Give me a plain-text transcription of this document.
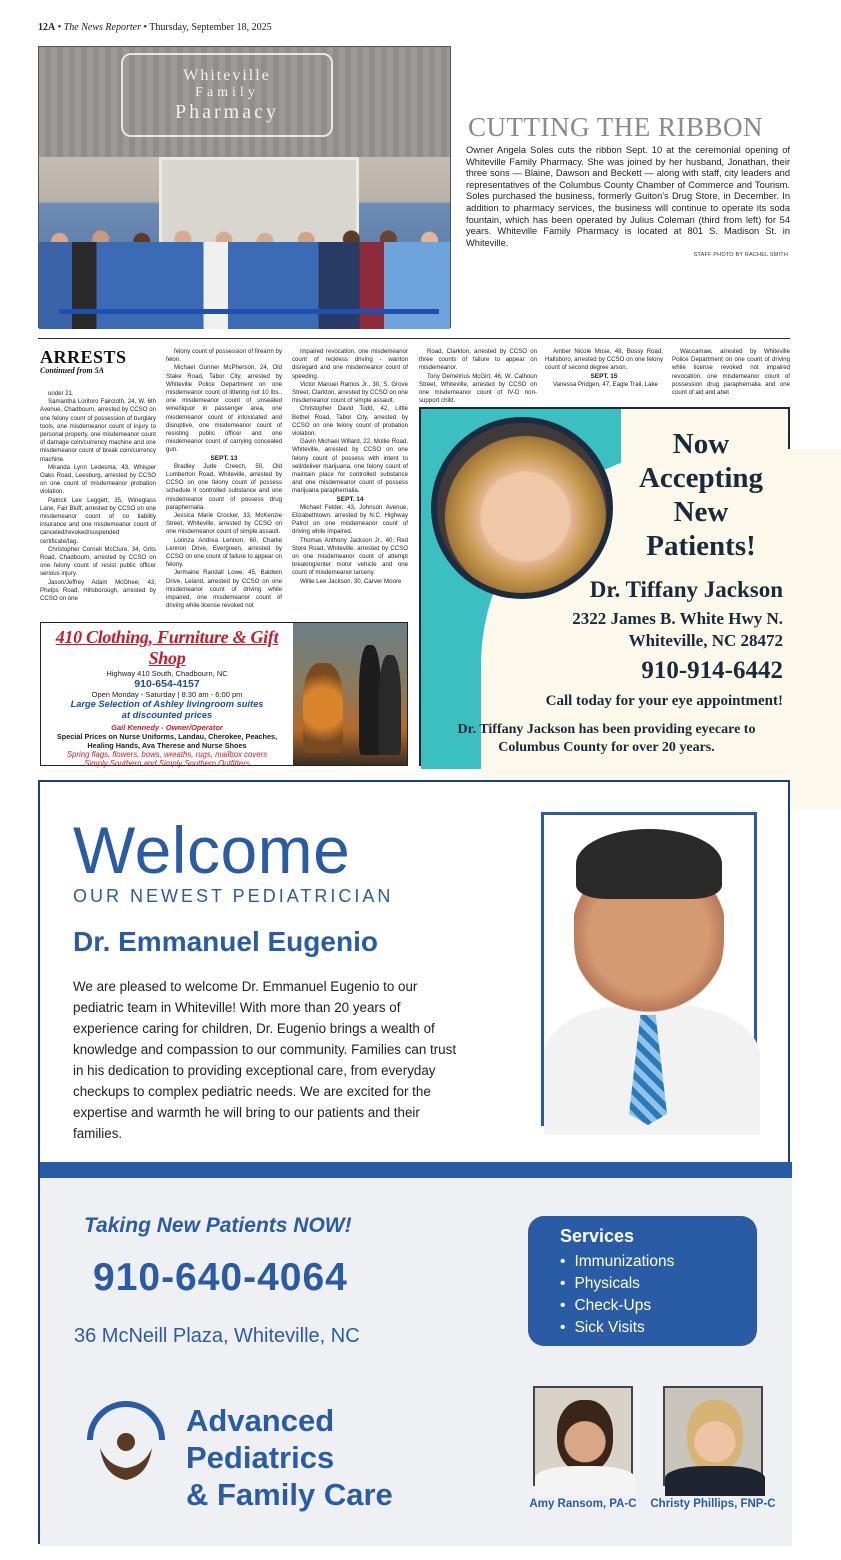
12A • The News Reporter • Thursday, September 18, 2025
Whiteville
Family
Pharmacy	CUTTING THE RIBBON
Owner Angela Soles cuts the ribbon Sept. 10 at the ceremonial opening of Whiteville Family Pharmacy. She was joined by her husband, Jonathan, their three sons — Blaine, Dawson and Beckett — along with staff, city leaders and representatives of the Columbus County Chamber of Commerce and Tourism. Soles purchased the business, formerly Guiton's Drug Store, in December. In addition to pharmacy services, the business will continue to operate its soda fountain, which has been operated by Julius Coleman (third from left) for 54 years. Whiteville Family Pharmacy is located at 801 S. Madison St. in Whiteville.
STAFF PHOTO BY RACHEL SMITH
ARRESTS
Continued from 5A

under 21.

Samantha Loritoro Faircloth, 24, W. 6th Avenue, Chadbourn, arrested by CCSO on one felony count of possession of burglary tools, one misdemeanor count of injury to personal property, one misdemeanor count of damage coin/currency machine and one misdemeanor count of break coin/currency machine.

Miranda Lynn Ledesma, 43, Whisper Oaks Road, Leesburg, arrested by CCSO on one count of misdemeanor probation violation.

Patrick Lee Leggett, 35, Wineglass Lane, Fair Bluff, arrested by CCSO on one misdemeanor count of no liability insurance and one misdemeanor count of canceled/revoked/suspended certificate/tag.

Christopher Cornell McClure, 34, Grits Road, Chadbourn, arrested by CCSO on one felony count of resist public officer serious injury.

Jason/Jeffrey Adam McGhee, 43, Phelps Road, Hillsborough, arrested by CCSO on one

felony count of possession of firearm by felon.

Michael Gunner McPherson, 24, Old Stake Road, Tabor City, arrested by Whiteville Police Department on one misdemeanor count of littering not 10 lbs., one misdemeanor count of unsealed wine/liquor in passenger area, one misdemeanor count of intoxicated and disruptive, one misdemeanor count of resisting public officer and one misdemeanor count of carrying concealed gun.

SEPT. 13

Bradley Jude Creech, 50, Old Lumberton Road, Whiteville, arrested by CCSO on one felony count of possess schedule II controlled substance and one misdemeanor count of possess drug paraphernalia.

Jessica Marie Crocker, 33, McKenzie Street, Whiteville, arrested by CCSO on one misdemeanor count of simple assault.

Lorinza Andrea Lennon, 60, Charlie Lennon Drive, Evergreen, arrested by CCSO on one count of failure to appear on felony.

Jermaine Randall Lowe, 45, Baldwin Drive, Leland, arrested by CCSO on one misdemeanor count of driving while impaired, one misdemeanor count of driving while license revoked not

impaired revocation, one misdemeanor count of reckless driving - wanton disregard and one misdemeanor count of speeding.

Victor Manuel Ramos Jr., 30, S. Grove Street, Clarkton, arrested by CCSO on one misdemeanor count of simple assault.

Christopher David Todd, 42, Little Bethel Road, Tabor City, arrested by CCSO on one felony count of probation violation.

Gavin Michael Willard, 22, Mollie Road, Whiteville, arrested by CCSO on one felony count of possess with intent to sell/deliver marijuana, one felony count of maintain place for controlled substance and one misdemeanor count of possess marijuana paraphernalia.

SEPT. 14

Michael Felder, 43, Johnson Avenue, Elizabethtown, arrested by N.C. Highway Patrol on one misdemeanor count of driving while impaired.

Thomas Anthony Jackson Jr., 40, Red Store Road, Whiteville, arrested by CCSO on one misdemeanor count of attempt breaking/enter motor vehicle and one count of misdemeanor larceny.

Willie Lee Jackson, 30, Carver Moore

Road, Clarkton, arrested by CCSO on three counts of failure to appear on misdemeanor.

Tony Demetrius McGirt, 46, W. Calhoun Street, Whiteville, arrested by CCSO on one misdemeanor count of IV-D non-support child.

Amber Nicole Muse, 48, Bussy Road, Hallsboro, arrested by CCSO on one felony count of second degree arson.

SEPT. 15

Vanessa Pridgen, 47, Eagle Trail, Lake

Waccamaw, arrested by Whiteville Police Department on one count of driving while license revoked not impaired revocation, one misdemeanor count of possession drug paraphernalia and one count of aid and abet

410 Clothing, Furniture & Gift Shop
Highway 410 South, Chadbourn, NC
910-654-4157
Open Monday - Saturday | 8:30 am - 6:00 pm
Large Selection of Ashley livingroom suites
at discounted prices
Gail Kennedy - Owner/Operator
Special Prices on Nurse Uniforms, Landau, Cherokee, Peaches,
Healing Hands, Ava Therese and Nurse Shoes
Spring flags, flowers, bows, wreaths, rugs, mailbox covers
Simply Southern and Simply Southern Outfitters
Now
Accepting
New
Patients!
Dr. Tiffany Jackson
2322 James B. White Hwy N.
Whiteville, NC 28472
910-914-6442
Call today for your eye appointment!
Dr. Tiffany Jackson has been providing eyecare to
Columbus County for over 20 years.
Welcome
OUR NEWEST PEDIATRICIAN
Dr. Emmanuel Eugenio
We are pleased to welcome Dr. Emmanuel Eugenio to our pediatric team in Whiteville! With more than 20 years of experience caring for children, Dr. Eugenio brings a wealth of knowledge and compassion to our community. Families can trust in his dedication to providing exceptional care, from everyday checkups to complex pediatric needs. We are excited for the expertise and warmth he will bring to our patients and their families.
Taking New Patients NOW!
910-640-4064
36 McNeill Plaza, Whiteville, NC
Services
• Immunizations
• Physicals
• Check-Ups
• Sick Visits
Advanced
Pediatrics
& Family Care	Amy Ransom, PA-C	Christy Phillips, FNP-C
